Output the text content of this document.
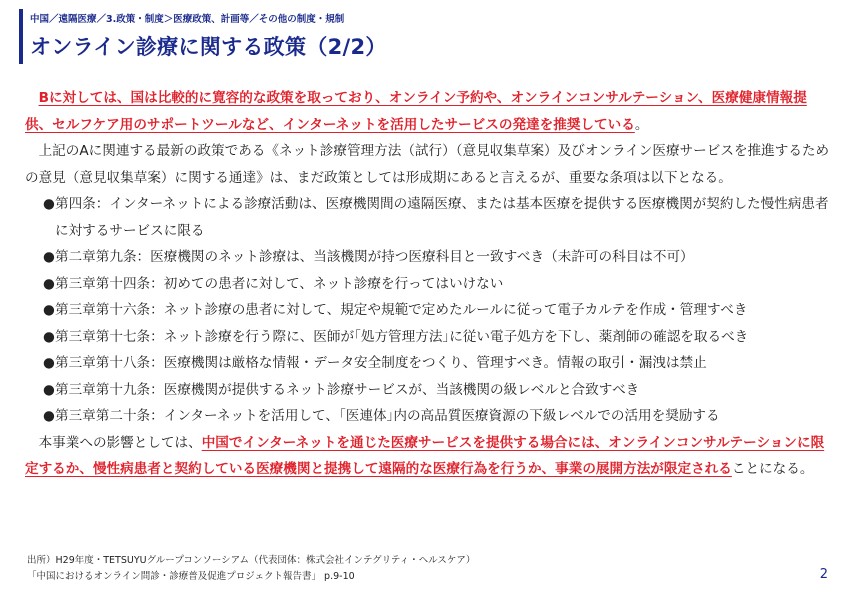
中国／遠隔医療／3.政策・制度＞医療政策、計画等／その他の制度・規制
オンライン診療に関する政策（2/2）

Bに対しては、国は比較的に寛容的な政策を取っており、オンライン予約や、オンラインコンサルテーション、医療健康情報提供、セルフケア用のサポートツールなど、インターネットを活用したサービスの発達を推奨している。

上記のAに関連する最新の政策である《ネット診療管理方法（試行）（意見収集草案）及びオンライン医療サービスを推進するための意見（意見収集草案）に関する通達》は、まだ政策としては形成期にあると言えるが、重要な条項は以下となる。

● 第四条：インターネットによる診療活動は、医療機関間の遠隔医療、または基本医療を提供する医療機関が契約した慢性病患者に対するサービスに限る
● 第二章第九条：医療機関のネット診療は、当該機関が持つ医療科目と一致すべき（未許可の科目は不可）
● 第三章第十四条：初めての患者に対して、ネット診療を行ってはいけない
● 第三章第十六条：ネット診療の患者に対して、規定や規範で定めたルールに従って電子カルテを作成・管理すべき
● 第三章第十七条：ネット診療を行う際に、医師が｢処方管理方法｣に従い電子処方を下し、薬剤師の確認を取るべき
● 第三章第十八条：医療機関は厳格な情報・データ安全制度をつくり、管理すべき。情報の取引・漏洩は禁止
● 第三章第十九条：医療機関が提供するネット診療サービスが、当該機関の級レベルと合致すべき
● 第三章第二十条：インターネットを活用して、｢医連体｣内の高品質医療資源の下級レベルでの活用を奨励する

本事業への影響としては、中国でインターネットを通じた医療サービスを提供する場合には、オンラインコンサルテーションに限定するか、慢性病患者と契約している医療機関と提携して遠隔的な医療行為を行うか、事業の展開方法が限定されることになる。

出所）H29年度・TETSUYUグループコンソーシアム（代表団体：株式会社インテグリティ・ヘルスケア）
「中国におけるオンライン問診・診療普及促進プロジェクト報告書」 p.9-10	2
